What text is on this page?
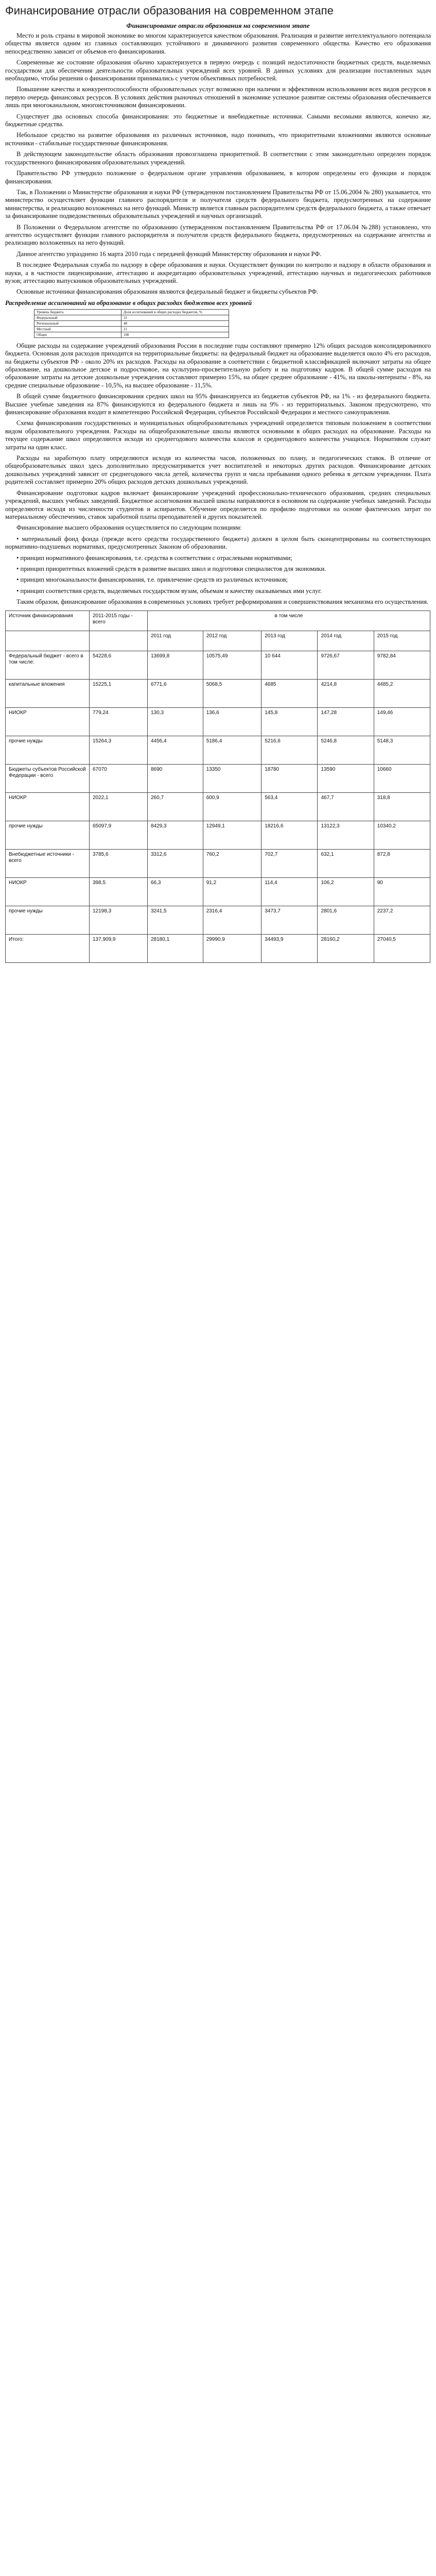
Финансирование отрасли образования на современном этапе
Финансирование отрасли образования на современном этапе

Место и роль страны в мировой экономике во многом характеризуется качеством образования. Реализация и развитие интеллектуального потенциала общества является одним из главных составляющих устойчивого и динамичного развития современного общества. Качество его образования непосредственно зависит от объемов его финансирования.

Современные же состояние образования обычно характеризуется в первую очередь с позиций недостаточности бюджетных средств, выделяемых государством для обеспечения деятельности образовательных учреждений всех уровней. В данных условиях для реализации поставленных задач необходимо, чтобы решения о финансировании принимались с учетом объективных потребностей.

Повышение качества и конкурентоспособности образовательных услуг возможно при наличии и эффективном использовании всех видов ресурсов в первую очередь финансовых ресурсов. В условиях действия рыночных отношений в экономике успешное развитие системы образования обеспечивается лишь при многоканальном, многоисточниковом финансировании.

Существует два основных способа финансирования: это бюджетные и внебюджетные источники. Самыми весомыми являются, конечно же, бюджетные средства.

Небольшое средство на развитие образования из различных источников, надо понимать, что приоритетными вложениями являются основные источники - стабильные государственные финансирования.

В действующем законодательстве область образования провозглашена приоритетной. В соответствии с этим законодательно определен порядок государственного финансирования образовательных учреждений.

Правительство РФ утвердило положение о федеральном органе управления образованием, в котором определены его функции и порядок финансирования.

Так, в Положении о Министерстве образования и науки РФ (утвержденном постановлением Правительства РФ от 15.06.2004 № 280) указывается, что министерство осуществляет функции главного распорядителя и получателя средств федерального бюджета, предусмотренных на содержание министерства, и реализацию возложенных на него функций. Министр является главным распорядителем средств федерального бюджета, а также отвечает за финансирование подведомственных образовательных учреждений и научных организаций.

В Положении о Федеральном агентстве по образованию (утвержденном постановлением Правительства РФ от 17.06.04 №288) установлено, что агентство осуществляет функции главного распорядителя и получателя средств федерального бюджета, предусмотренных на содержание агентства и реализацию возложенных на него функций.

Данное агентство упразднено 16 марта 2010 года с передачей функций Министерству образования и науки РФ.

В последнее Федеральная служба по надзору в сфере образования и науки. Осуществляет функции по контролю и надзору в области образования и науки, а в частности лицензирование, аттестацию и аккредитацию образовательных учреждений, аттестацию научных и педагогических работников вузов; аттестацию выпускников образовательных учреждений.

Основные источники финансирования образования являются федеральный бюджет и бюджеты субъектов РФ.

Распределение ассигнований на образование в общих расходах бюджетов всех уровней
Уровень бюджета	Доля ассигнований в общих расходах бюджетов, %
Федеральный	31
Региональный	48
Местный	21
Общее	100

Общие расходы на содержание учреждений образования России в последние годы составляют примерно 12% общих расходов консолидированного бюджета. Основная доля расходов приходится на территориальные бюджеты: на федеральный бюджет на образование выделяется около 4% его расходов, на бюджеты субъектов РФ - около 20% их расходов. Расходы на образование в соответствии с бюджетной классификацией включают затраты на общее образование, на дошкольное детское и подростковое, на культурно-просветительную работу и на подготовку кадров. В общей сумме расходов на образование затраты на детские дошкольные учреждения составляют примерно 15%, на общее среднее образование - 41%, на школы-интернаты - 8%, на средние специальные образование - 10,5%, на высшее образование - 11,5%.

В общей сумме бюджетного финансирования средних школ на 95% финансируется из бюджетов субъектов РФ, на 1% - из федерального бюджета. Высшее учебные заведения на 87% финансируются из федерального бюджета и лишь на 9% - из территориальных. Законом предусмотрено, что финансирование образования входит в компетенцию Российской Федерации, субъектов Российской Федерации и местного самоуправления.

Схема финансирования государственных и муниципальных общеобразовательных учреждений определяется типовым положением в соответствии видом образовательного учреждения. Расходы на общеобразовательные школы являются основными в общих расходах на образование. Расходы на текущее содержание школ определяются исходя из среднегодового количества классов и среднегодового количества учащихся. Нормативом служит затраты на один класс.

Расходы на заработную плату определяются исходя из количества часов, положенных по плану, и педагогических ставок. В отличие от общеобразовательных школ здесь дополнительно предусматривается учет воспитателей и некоторых других расходов. Финансирование детских дошкольных учреждений зависит от среднегодового числа детей, количества групп и числа пребывания одного ребенка в детском учреждении. Плата родителей составляет примерно 20% общих расходов детских дошкольных учреждений.

Финансирование подготовки кадров включает финансирование учреждений профессионально-технического образования, средних специальных учреждений, высших учебных заведений. Бюджетное ассигнования высшей школы направляются в основном на содержание учебных заведений. Расходы определяются исходя из численности студентов и аспирантов. Обучение определяется по профилю подготовки на основе фактических затрат по материальному обеспечению, ставок заработной платы преподавателей и других показателей.

Финансирование высшего образования осуществляется по следующим позициям:

• материальный фонд фонда (прежде всего средства государственного бюджета) должен в целом быть сконцентрированы на соответствующих нормативно-подушевых нормативах, предусмотренных Законом об образовании.

• принцип нормативного финансирования, т.е. средства в соответствии с отраслевыми нормативами;

• принцип приоритетных вложений средств в развитие высших школ и подготовки специалистов для экономики.

• принцип многоканальности финансирования, т.е. привлечение средств из различных источников;

• принцип соответствия средств, выделяемых государством вузам, объемам и качеству оказываемых ими услуг.

Таким образом, финансирование образования в современных условиях требует реформирования и совершенствования механизма его осуществления.

Источник финансирования	2011-2015 годы - всего	в том числе				
		2011 год	2012 год	2013 год	2014 год	2015 год
Федеральный бюджет - всего в том числе:	54228,6	13699,8	10575,49	10 644	9726,67	9782,84
капитальные вложения	15225,1	6771,6	5068,5	4685	4214,8	4485,2
НИОКР	779,24	130,3	136,6	145,8	147,28	149,46
прочие нужды	15264,3	4456,4	5186,4	5216,6	5246,8	5148,3
Бюджеты субъектов Российской Федерации - всего	67070	8690	13350	18780	13590	10660
НИОКР	2022,1	260,7	600,9	563,4	467,7	318,8
прочие нужды	65097,9	8429,3	12949,1	18216,6	13122,3	10340,2
Внебюджетные источники - всего	3785,6	3312,6	760,2	702,7	632,1	872,8
НИОКР	398,5	66,3	91,2	114,4	106,2	90
прочие нужды	12198,3	3241,5	2316,4	3473,7	2801,6	2237,2
Итого:	137,909,9	28180,1	29990,9	34493,9	28160,2	27040,5
